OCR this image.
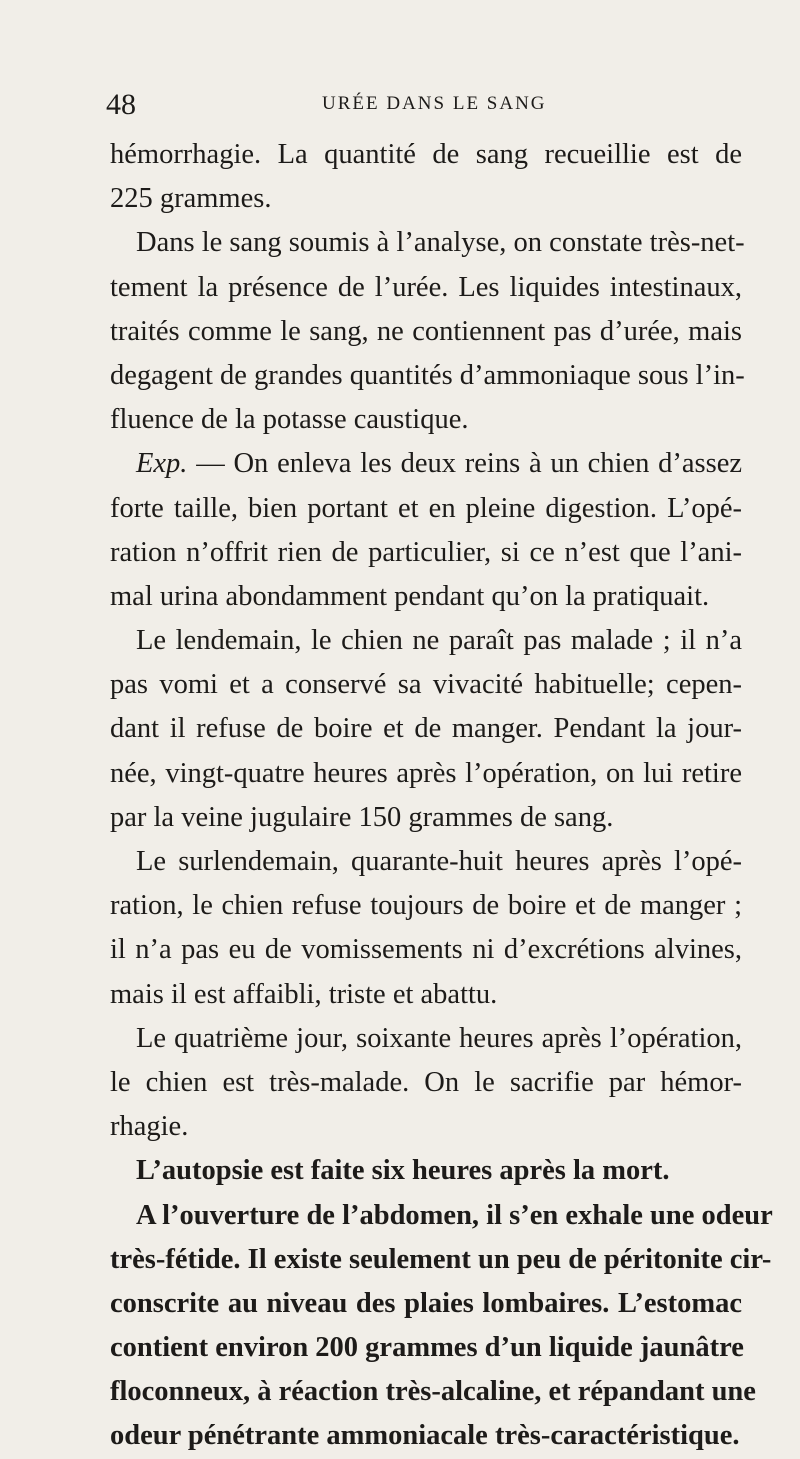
48	URÉE DANS LE SANG
hémorrhagie. La quantité de sang recueillie est de
225 grammes.
Dans le sang soumis à l’analyse, on constate très-net-
tement la présence de l’urée. Les liquides intestinaux,
traités comme le sang, ne contiennent pas d’urée, mais
degagent de grandes quantités d’ammoniaque sous l’in-
fluence de la potasse caustique.
Exp. — On enleva les deux reins à un chien d’assez
forte taille, bien portant et en pleine digestion. L’opé-
ration n’offrit rien de particulier, si ce n’est que l’ani-
mal urina abondamment pendant qu’on la pratiquait.
Le lendemain, le chien ne paraît pas malade ; il n’a
pas vomi et a conservé sa vivacité habituelle; cepen-
dant il refuse de boire et de manger. Pendant la jour-
née, vingt-quatre heures après l’opération, on lui retire
par la veine jugulaire 150 grammes de sang.
Le surlendemain, quarante-huit heures après l’opé-
ration, le chien refuse toujours de boire et de manger ;
il n’a pas eu de vomissements ni d’excrétions alvines,
mais il est affaibli, triste et abattu.
Le quatrième jour, soixante heures après l’opération,
le chien est très-malade. On le sacrifie par hémor-
rhagie.
L’autopsie est faite six heures après la mort.
A l’ouverture de l’abdomen, il s’en exhale une odeur
très-fétide. Il existe seulement un peu de péritonite cir-
conscrite au niveau des plaies lombaires. L’estomac
contient environ 200 grammes d’un liquide jaunâtre
floconneux, à réaction très-alcaline, et répandant une
odeur pénétrante ammoniacale très-caractéristique.
